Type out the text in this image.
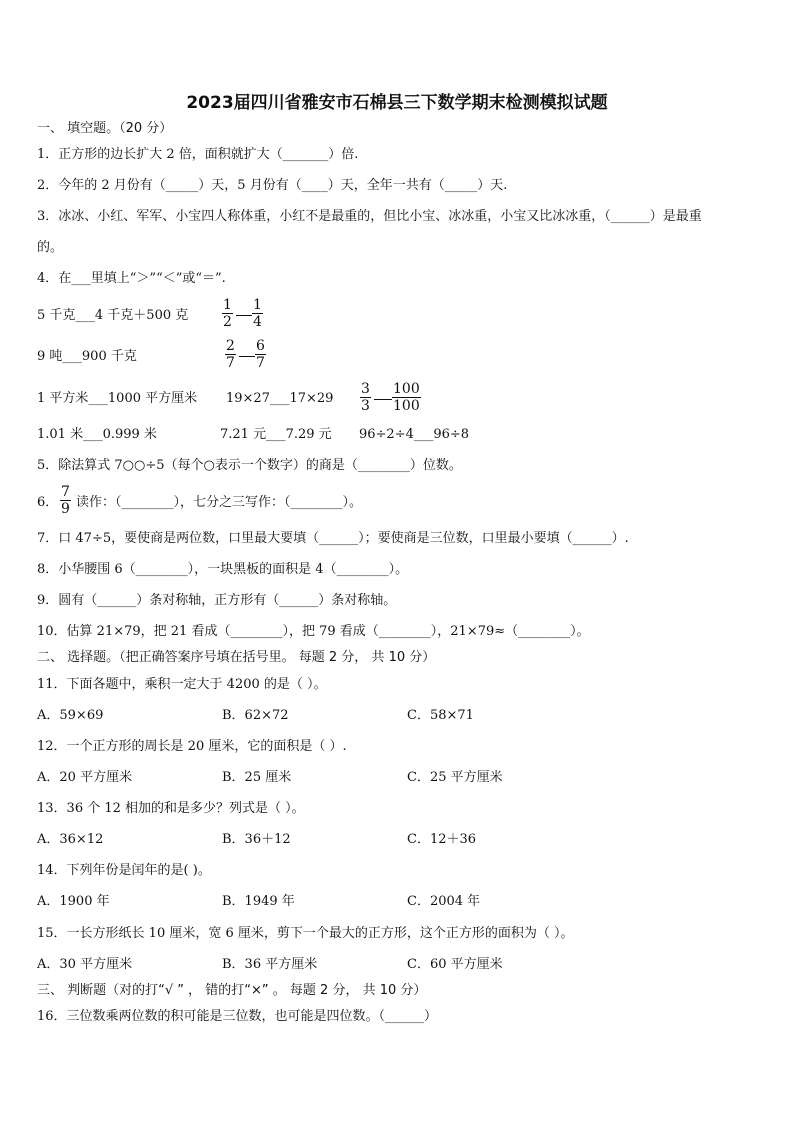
2023届四川省雅安市石棉县三下数学期末检测模拟试题
一、 填空题。（20 分）
1．正方形的边长扩大 2 倍，面积就扩大（_______）倍.
2．今年的 2 月份有（_____）天，5 月份有（____）天，全年一共有（_____）天.
3．冰冰、小红、军军、小宝四人称体重，小红不是最重的，但比小宝、冰冰重，小宝又比冰冰重，（______）是最重
的。
4．在___里填上“＞”“＜”或“＝”.
5 千克___4 千克＋500 克
1
2
1
4
9 吨___900 千克
2
7
6
7
1 平方米___1000 平方厘米 19×27___17×29
3
3
100
100
1.01 米___0.999 米	7.21 元___7.29 元 96÷2÷4___96÷8
5．除法算式 7○○÷5（每个○表示一个数字）的商是（________）位数。
6．
7
9 读作：（________），七分之三写作：（________）。
7．口 47÷5，要使商是两位数，口里最大要填（______）；要使商是三位数，口里最小要填（______）.
8．小华腰围 6（________），一块黑板的面积是 4（________）。
9．圆有（______）条对称轴，正方形有（______）条对称轴。
10．估算 21×79，把 21 看成（________），把 79 看成（________），21×79≈（________）。
二、 选择题。（把正确答案序号填在括号里。 每题 2 分， 共 10 分）
11．下面各题中，乘积一定大于 4200 的是（ ）。
A．59×69	B．62×72	C．58×71
12．一个正方形的周长是 20 厘米，它的面积是（ ）.
A．20 平方厘米	B．25 厘米	C．25 平方厘米
13．36 个 12 相加的和是多少？列式是（ ）。
A．36×12	B．36＋12	C．12＋36
14．下列年份是闰年的是( )。
A．1900 年	B．1949 年	C．2004 年
15．一长方形纸长 10 厘米，宽 6 厘米，剪下一个最大的正方形，这个正方形的面积为（ ）。
A．30 平方厘米	B．36 平方厘米	C．60 平方厘米
三、 判断题（对的打“√ ” ， 错的打“×” 。 每题 2 分， 共 10 分）
16．三位数乘两位数的积可能是三位数，也可能是四位数。（______）
